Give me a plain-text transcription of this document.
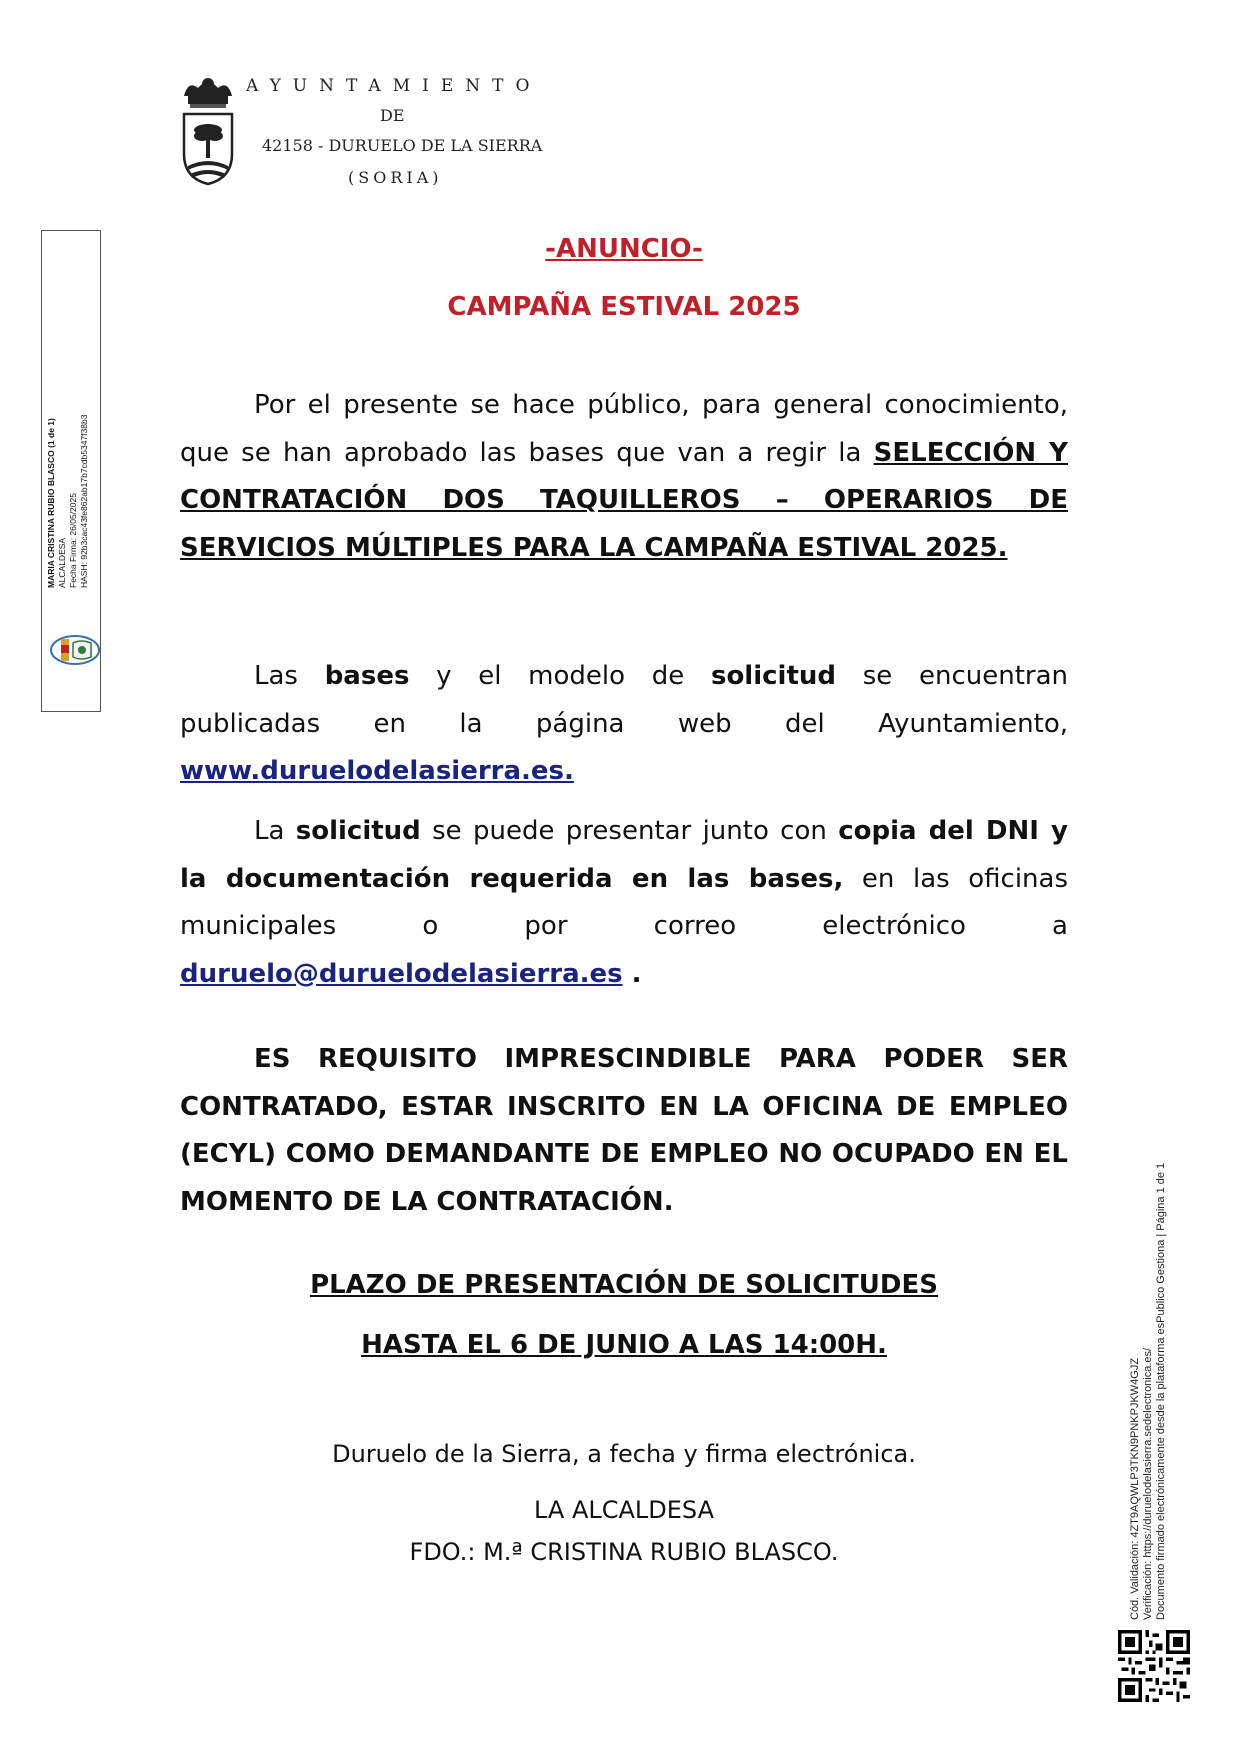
AYUNTAMIENTO
DE
42158 - DURUELO DE LA SIERRA
(SORIA)
MARIA CRISTINA RUBIO BLASCO (1 de 1) ALCALDESA Fecha Firma: 26/05/2025 HASH: 92b3cac43fe862ab17b7cdb5347f38b3
Cód. Validación: 4ZT9AQWLP3TKN9PNKPJKW4GJZ Verificación: https://duruelodelasierra.sedelectronica.es/ Documento firmado electrónicamente desde la plataforma esPublico Gestiona | Página 1 de 1
-ANUNCIO-
CAMPAÑA ESTIVAL 2025
Por el presente se hace público, para general conocimiento, que se han aprobado las bases que van a regir la SELECCIÓN Y CONTRATACIÓN DOS TAQUILLEROS – OPERARIOS DE SERVICIOS MÚLTIPLES PARA LA CAMPAÑA ESTIVAL 2025.
Las bases y el modelo de solicitud se encuentran publicadas en la página web del Ayuntamiento, www.duruelodelasierra.es.
La solicitud se puede presentar junto con copia del DNI y la documentación requerida en las bases, en las oficinas municipales o por correo electrónico a duruelo@duruelodelasierra.es .
ES REQUISITO IMPRESCINDIBLE PARA PODER SER CONTRATADO, ESTAR INSCRITO EN LA OFICINA DE EMPLEO (ECYL) COMO DEMANDANTE DE EMPLEO NO OCUPADO EN EL MOMENTO DE LA CONTRATACIÓN.
PLAZO DE PRESENTACIÓN DE SOLICITUDES
HASTA EL 6 DE JUNIO A LAS 14:00H.
Duruelo de la Sierra, a fecha y firma electrónica.
LA ALCALDESA
FDO.: M.ª CRISTINA RUBIO BLASCO.
